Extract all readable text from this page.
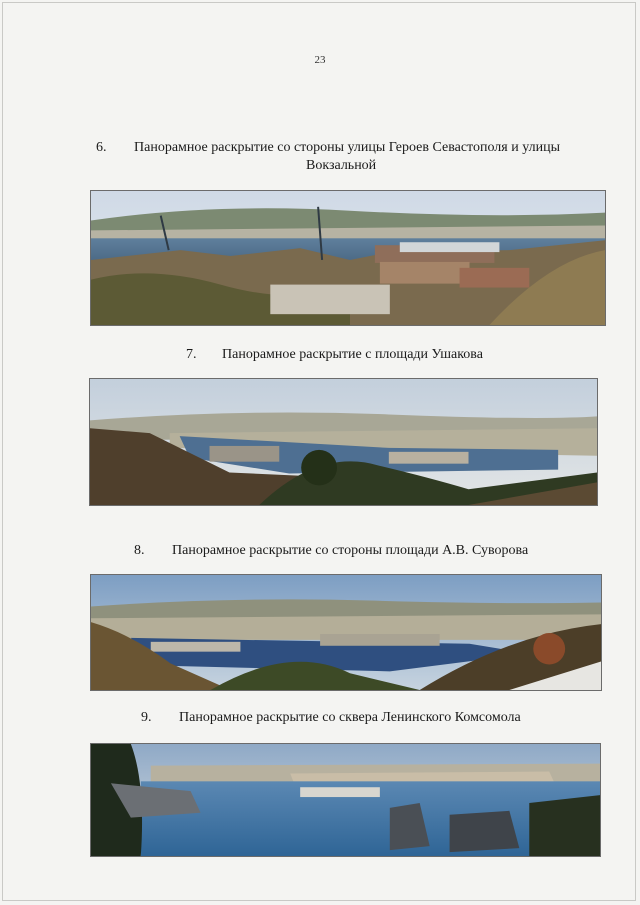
23
6. Панорамное раскрытие со стороны улицы Героев Севастополя и улицы
Вокзальной
7. Панорамное раскрытие с площади Ушакова
8. Панорамное раскрытие со стороны площади А.В. Суворова
9. Панорамное раскрытие со сквера Ленинского Комсомола
